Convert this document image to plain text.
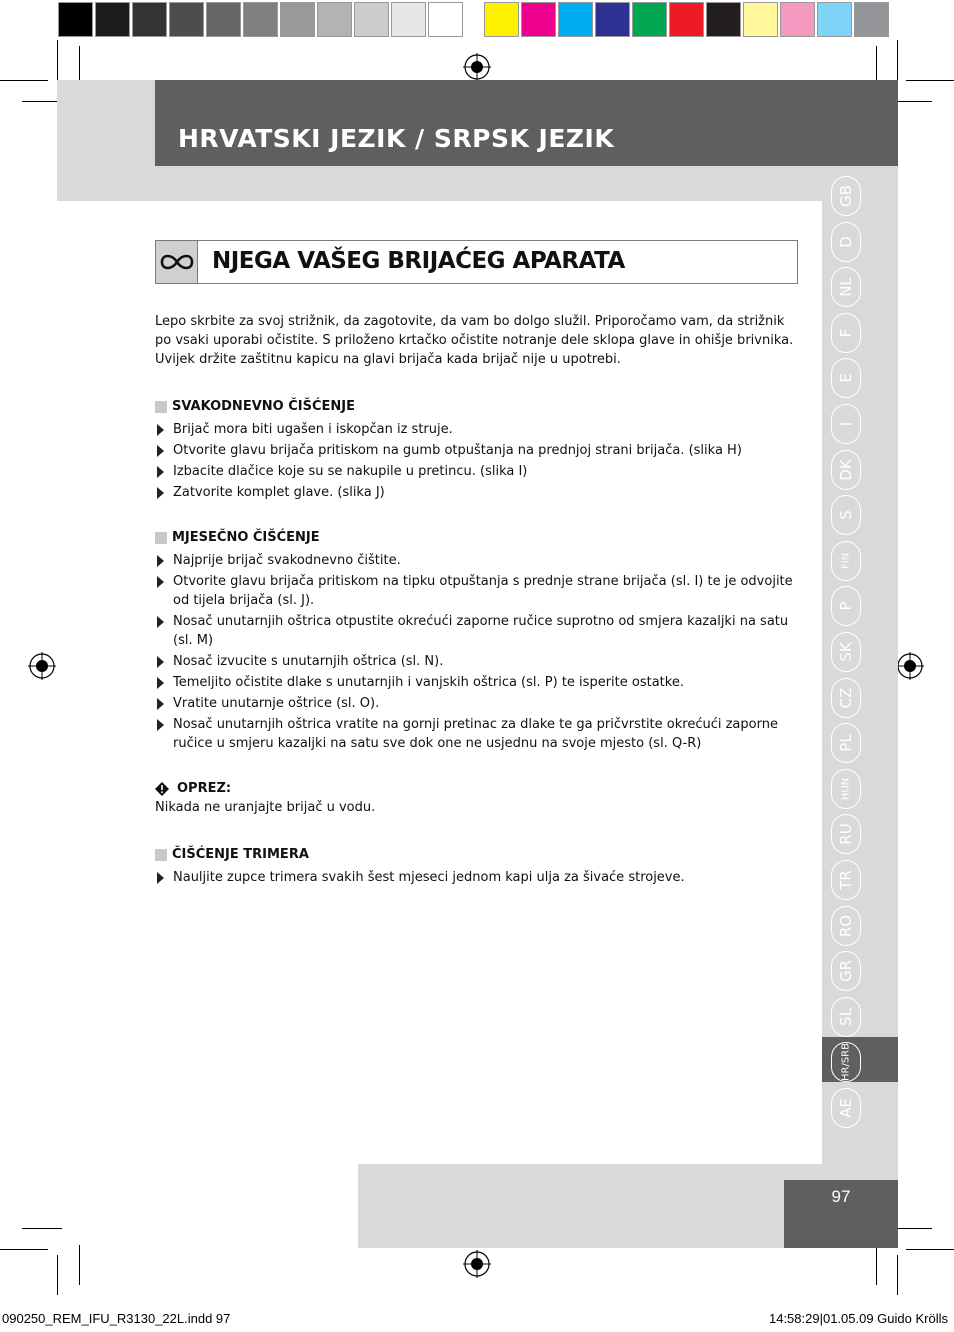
HRVATSKI JEZIK / SRPSK JEZIK
GB
D
NL
F
E
I
DK
S
FIN
P
SK
CZ
PL
HUN
RU
TR
RO
GR
SL
HR/SRB
AE
97
NJEGA VAŠEG BRIJAĆEG APARATA

Lepo skrbite za svoj strižnik, da zagotovite, da vam bo dolgo služil. Priporočamo vam, da strižnik po vsaki uporabi očistite. S priloženo krtačko očistite notranje dele sklopa glave in ohišje brivnika. Uvijek držite zaštitnu kapicu na glavi brijača kada brijač nije u upotrebi.

SVAKODNEVNO ČIŠĆENJE
Brijač mora biti ugašen i iskopčan iz struje.
Otvorite glavu brijača pritiskom na gumb otpuštanja na prednjoj strani brijača. (slika H)
Izbacite dlačice koje su se nakupile u pretincu. (slika I)
Zatvorite komplet glave. (slika J)
MJESEČNO ČIŠĆENJE
Najprije brijač svakodnevno čištite.
Otvorite glavu brijača pritiskom na tipku otpuštanja s prednje strane brijača (sl. I) te je odvojite od tijela brijača (sl. J).
Nosač unutarnjih oštrica otpustite okrećući zaporne ručice suprotno od smjera kazaljki na satu (sl. M)
Nosač izvucite s unutarnjih oštrica (sl. N).
Temeljito očistite dlake s unutarnjih i vanjskih oštrica (sl. P) te isperite ostatke.
Vratite unutarnje oštrice (sl. O).
Nosač unutarnjih oštrica vratite na gornji pretinac za dlake te ga pričvrstite okrećući zaporne ručice u smjeru kazaljki na satu sve dok one ne usjednu na svoje mjesto (sl. Q-R)
OPREZ:

Nikada ne uranjajte brijač u vodu.

ČIŠĆENJE TRIMERA
Nauljite zupce trimera svakih šest mjeseci jednom kapi ulja za šivaće strojeve.
090250_REM_IFU_R3130_22L.indd 97	14:58:29|01.05.09 Guido Krölls
